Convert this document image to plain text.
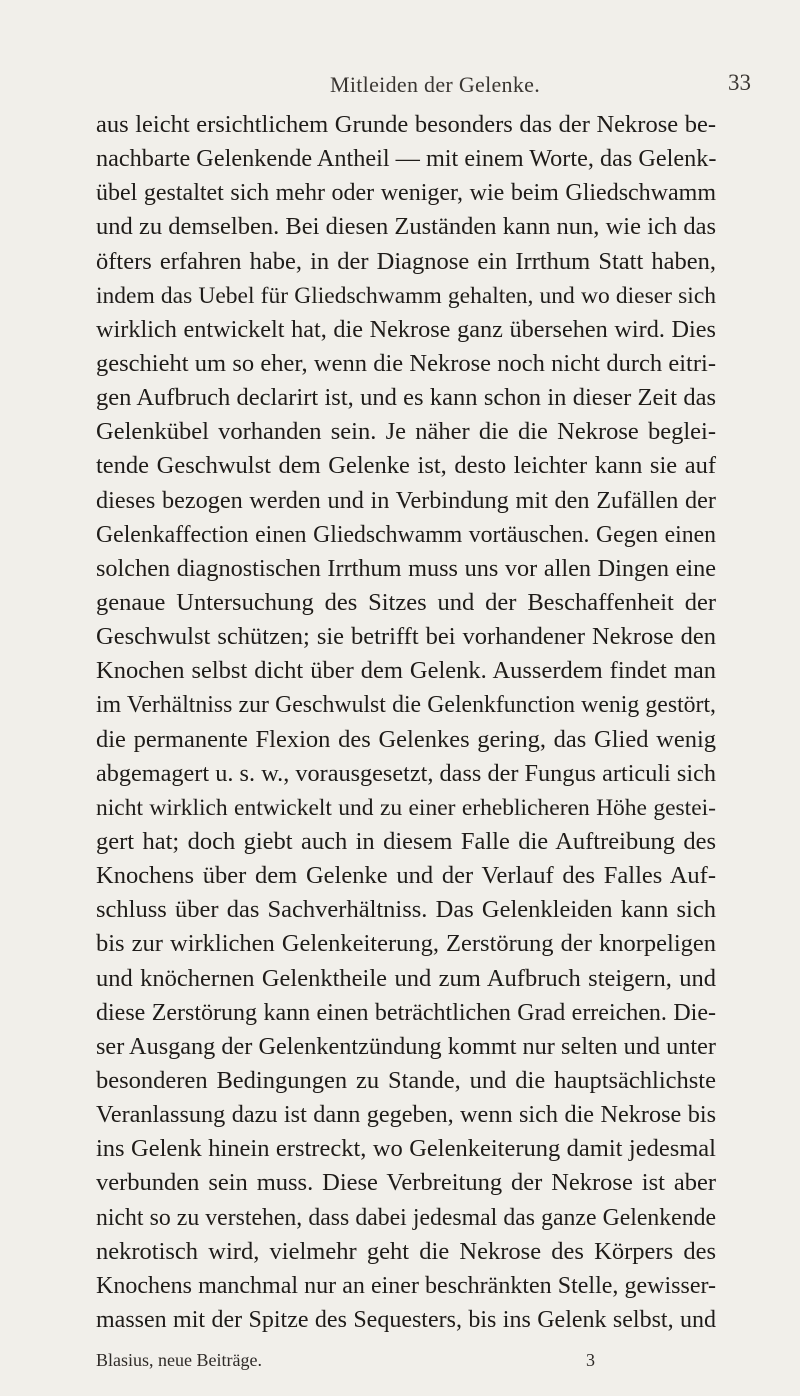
Mitleiden der Gelenke.	33
aus leicht ersichtlichem Grunde besonders das der Nekrose be-
nachbarte Gelenkende Antheil — mit einem Worte, das Gelenk-
übel gestaltet sich mehr oder weniger, wie beim Gliedschwamm
und zu demselben. Bei diesen Zuständen kann nun, wie ich das
öfters erfahren habe, in der Diagnose ein Irrthum Statt haben,
indem das Uebel für Gliedschwamm gehalten, und wo dieser sich
wirklich entwickelt hat, die Nekrose ganz übersehen wird. Dies
geschieht um so eher, wenn die Nekrose noch nicht durch eitri-
gen Aufbruch declarirt ist, und es kann schon in dieser Zeit das
Gelenkübel vorhanden sein. Je näher die die Nekrose beglei-
tende Geschwulst dem Gelenke ist, desto leichter kann sie auf
dieses bezogen werden und in Verbindung mit den Zufällen der
Gelenkaffection einen Gliedschwamm vortäuschen. Gegen einen
solchen diagnostischen Irrthum muss uns vor allen Dingen eine
genaue Untersuchung des Sitzes und der Beschaffenheit der
Geschwulst schützen; sie betrifft bei vorhandener Nekrose den
Knochen selbst dicht über dem Gelenk. Ausserdem findet man
im Verhältniss zur Geschwulst die Gelenkfunction wenig gestört,
die permanente Flexion des Gelenkes gering, das Glied wenig
abgemagert u. s. w., vorausgesetzt, dass der Fungus articuli sich
nicht wirklich entwickelt und zu einer erheblicheren Höhe gestei-
gert hat; doch giebt auch in diesem Falle die Auftreibung des
Knochens über dem Gelenke und der Verlauf des Falles Auf-
schluss über das Sachverhältniss. Das Gelenkleiden kann sich
bis zur wirklichen Gelenkeiterung, Zerstörung der knorpeligen
und knöchernen Gelenktheile und zum Aufbruch steigern, und
diese Zerstörung kann einen beträchtlichen Grad erreichen. Die-
ser Ausgang der Gelenkentzündung kommt nur selten und unter
besonderen Bedingungen zu Stande, und die hauptsächlichste
Veranlassung dazu ist dann gegeben, wenn sich die Nekrose bis
ins Gelenk hinein erstreckt, wo Gelenkeiterung damit jedesmal
verbunden sein muss. Diese Verbreitung der Nekrose ist aber
nicht so zu verstehen, dass dabei jedesmal das ganze Gelenkende
nekrotisch wird, vielmehr geht die Nekrose des Körpers des
Knochens manchmal nur an einer beschränkten Stelle, gewisser-
massen mit der Spitze des Sequesters, bis ins Gelenk selbst, und
Blasius, neue Beiträge.	3
